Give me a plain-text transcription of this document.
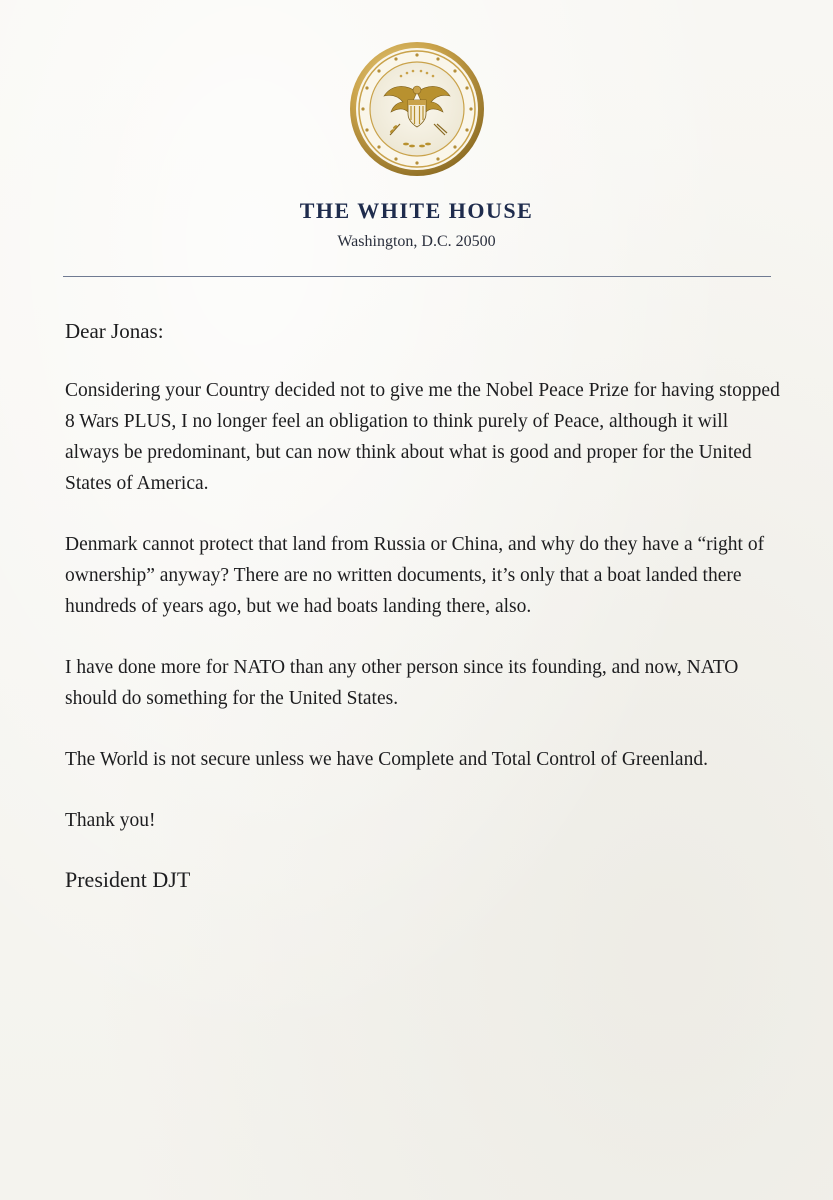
THE WHITE HOUSE
Washington, D.C. 20500

Dear Jonas:

Considering your Country decided not to give me the Nobel Peace Prize for having stopped 8 Wars PLUS, I no longer feel an obligation to think purely of Peace, although it will always be predominant, but can now think about what is good and proper for the United States of America.

Denmark cannot protect that land from Russia or China, and why do they have a “right of ownership” anyway? There are no written documents, it’s only that a boat landed there hundreds of years ago, but we had boats landing there, also.

I have done more for NATO than any other person since its founding, and now, NATO should do something for the United States.

The World is not secure unless we have Complete and Total Control of Greenland.

Thank you!

President DJT
